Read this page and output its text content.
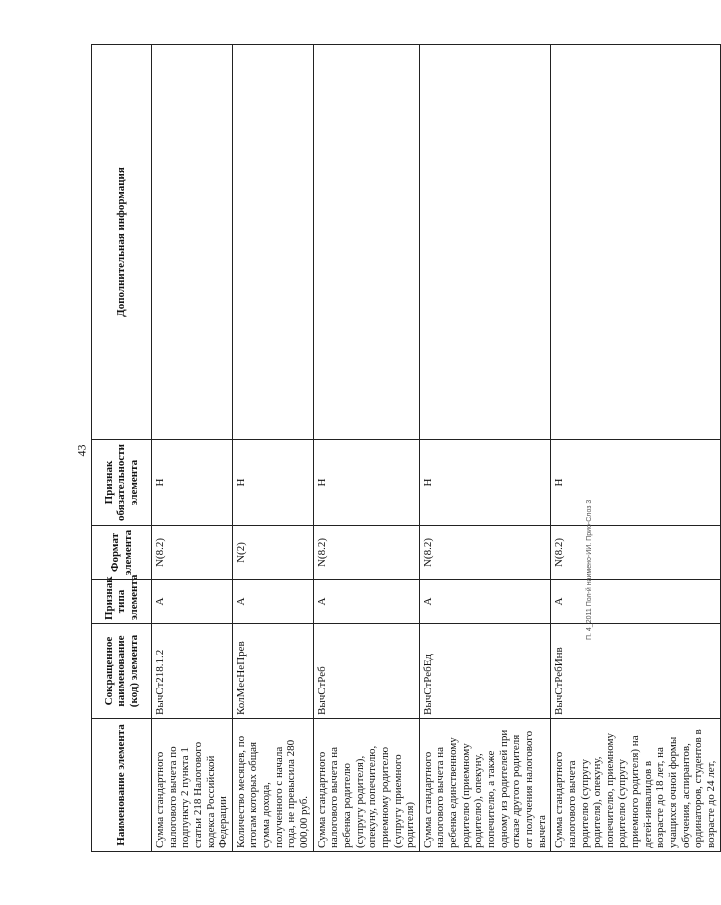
43
Наименование элемента	Сокращенное наименование (код) элемента	Признак типа элемента	Формат элемента	Признак обязательности элемента	Дополнительная информация
Сумма стандартного налогового вычета по подпункту 2 пункта 1 статьи 218 Налогового кодекса Российской Федерации	ВычСт218.1.2	А	N(8.2)	Н	
Количество месяцев, по итогам которых общая сумма дохода, полученного с начала года, не превысила 280 000,00 руб.	КолМесНеПрев	А	N(2)	Н	
Сумма стандартного налогового вычета на ребенка родителю (супругу родителя), опекуну, попечителю, приемному родителю (супругу приемного родителя)	ВычСтРеб	А	N(8.2)	Н	
Сумма стандартного налогового вычета на ребенка единственному родителю (приемному родителю), опекуну, попечителю, а также одному из родителей при отказе другого родителя от получения налогового вычета	ВычСтРебЕд	А	N(8.2)	Н	
Сумма стандартного налогового вычета родителю (супругу родителя), опекуну, попечителю, приемному родителю (супругу приемного родителя) на детей-инвалидов в возрасте до 18 лет, на учащихся очной формы обучения, аспирантов, ординаторов, студентов в возрасте до 24 лет,	ВычСтРебИнв	А	N(8.2)	Н	
П. 4_2011 Пол-й наимено-ИИ. Прио-Слоз 3
